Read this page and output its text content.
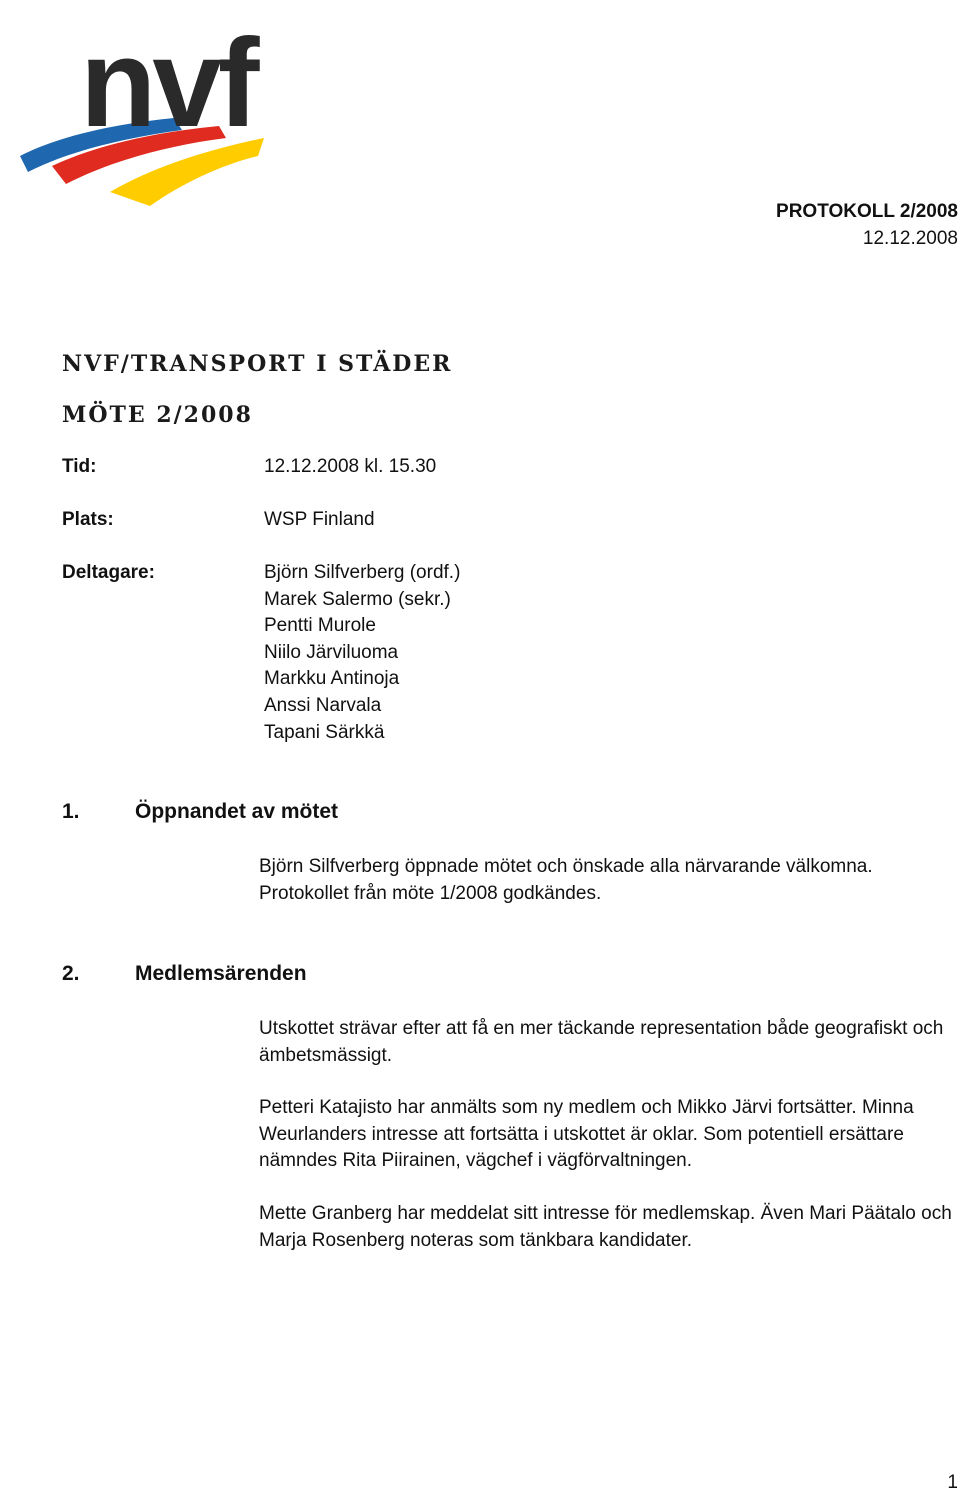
nvf
PROTOKOLL 2/2008
12.12.2008
NVF/TRANSPORT I STÄDER
MÖTE 2/2008
Tid:	12.12.2008 kl. 15.30
Plats:	WSP Finland
Deltagare:	Björn Silfverberg (ordf.)
Marek Salermo (sekr.)
Pentti Murole
Niilo Järviluoma
Markku Antinoja
Anssi Narvala
Tapani Särkkä
1.	Öppnandet av mötet

Björn Silfverberg öppnade mötet och önskade alla närvarande välkomna. Protokollet från möte 1/2008 godkändes.

2.	Medlemsärenden

Utskottet strävar efter att få en mer täckande representation både geografiskt och ämbetsmässigt.

Petteri Katajisto har anmälts som ny medlem och Mikko Järvi fortsätter. Minna Weurlanders intresse att fortsätta i utskottet är oklar. Som potentiell ersättare nämndes Rita Piirainen, vägchef i vägförvaltningen.

Mette Granberg har meddelat sitt intresse för medlemskap. Även Mari Päätalo och Marja Rosenberg noteras som tänkbara kandidater.

1
